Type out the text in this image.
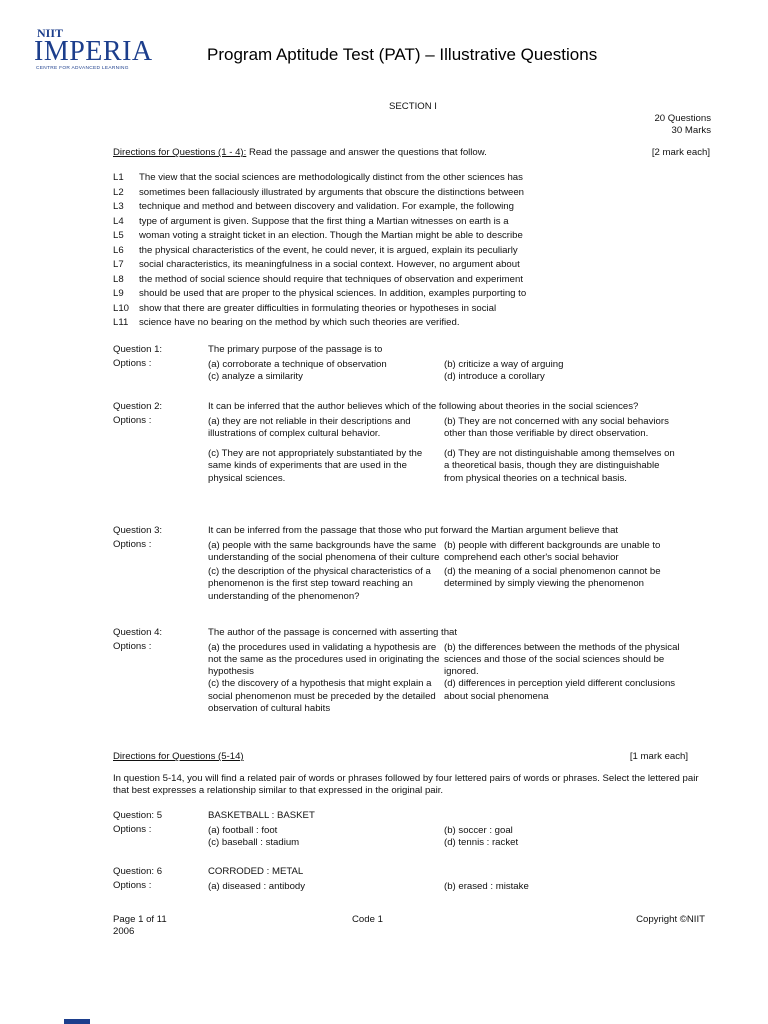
NIIT
IMPERIA
CENTRE FOR ADVANCED LEARNING
Program Aptitude Test (PAT) – Illustrative Questions
SECTION I
20 Questions
30 Marks
Directions for Questions (1 - 4): Read the passage and answer the questions that follow.	[2 mark each]
L1	The view that the social sciences are methodologically distinct from the other sciences has
L2	sometimes been fallaciously illustrated by arguments that obscure the distinctions between
L3	technique and method and between discovery and validation. For example, the following
L4	type of argument is given. Suppose that the first thing a Martian witnesses on earth is a
L5	woman voting a straight ticket in an election. Though the Martian might be able to describe
L6	the physical characteristics of the event, he could never, it is argued, explain its peculiarly
L7	social characteristics, its meaningfulness in a social context. However, no argument about
L8	the method of social science should require that techniques of observation and experiment
L9	should be used that are proper to the physical sciences. In addition, examples purporting to
L10	show that there are greater difficulties in formulating theories or hypotheses in social
L11	science have no bearing on the method by which such theories are verified.
Question 1:	The primary purpose of the passage is to
Options :	(a) corroborate a technique of observation	(b) criticize a way of arguing
(c) analyze a similarity	(d) introduce a corollary
Question 2:	It can be inferred that the author believes which of the following about theories in the social sciences?
Options :	(a) they are not reliable in their descriptions and illustrations of complex cultural behavior.
(b) They are not concerned with any social behaviors other than those verifiable by direct observation.
(c) They are not appropriately substantiated by the same kinds of experiments that are used in the physical sciences.
(d) They are not distinguishable among themselves on a theoretical basis, though they are distinguishable from physical theories on a technical basis.
Question 3:	It can be inferred from the passage that those who put forward the Martian argument believe that
Options :	(a) people with the same backgrounds have the same understanding of the social phenomena of their culture
(b) people with different backgrounds are unable to comprehend each other's social behavior
(c) the description of the physical characteristics of a phenomenon is the first step toward reaching an understanding of the phenomenon?
(d) the meaning of a social phenomenon cannot be determined by simply viewing the phenomenon
Question 4:	The author of the passage is concerned with asserting that
Options :	(a) the procedures used in validating a hypothesis are not the same as the procedures used in originating the hypothesis
(b) the differences between the methods of the physical sciences and those of the social sciences should be ignored.
(c) the discovery of a hypothesis that might explain a social phenomenon must be preceded by the detailed observation of cultural habits
(d) differences in perception yield different conclusions about social phenomena
Directions for Questions (5-14)	[1 mark each]
In question 5-14, you will find a related pair of words or phrases followed by four lettered pairs of words or phrases. Select the lettered pair that best expresses a relationship similar to that expressed in the original pair.
Question: 5	BASKETBALL : BASKET
Options :	(a) football : foot	(b) soccer : goal
(c) baseball : stadium	(d) tennis : racket
Question: 6	CORRODED : METAL
Options :	(a) diseased : antibody	(b) erased : mistake
Page 1 of 11
2006
Code 1	Copyright ©NIIT
